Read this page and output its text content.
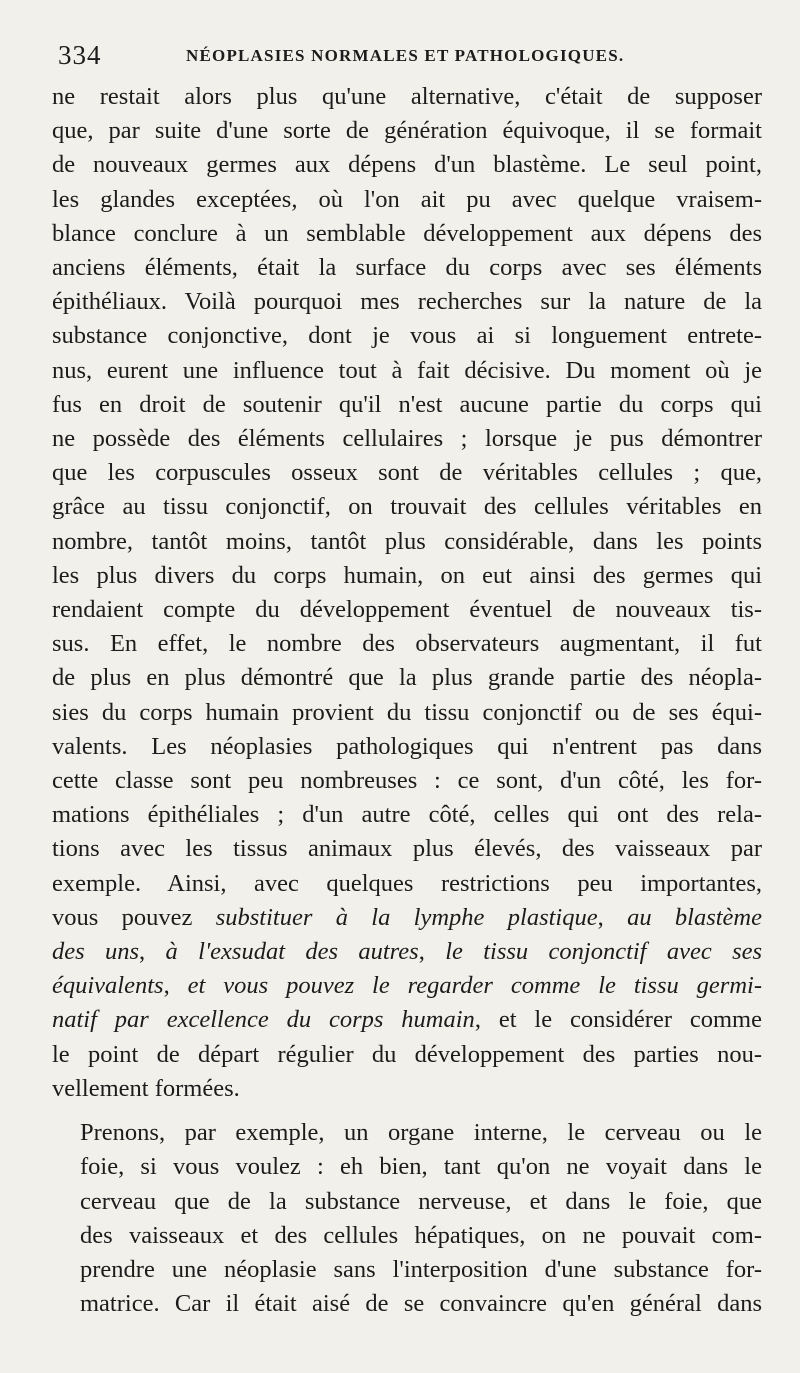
334	NÉOPLASIES NORMALES ET PATHOLOGIQUES.

ne restait alors plus qu'une alternative, c'était de supposer
que, par suite d'une sorte de génération équivoque, il se formait
de nouveaux germes aux dépens d'un blastème. Le seul point,
les glandes exceptées, où l'on ait pu avec quelque vraisem-
blance conclure à un semblable développement aux dépens des
anciens éléments, était la surface du corps avec ses éléments
épithéliaux. Voilà pourquoi mes recherches sur la nature de la
substance conjonctive, dont je vous ai si longuement entrete-
nus, eurent une influence tout à fait décisive. Du moment où je
fus en droit de soutenir qu'il n'est aucune partie du corps qui
ne possède des éléments cellulaires ; lorsque je pus démontrer
que les corpuscules osseux sont de véritables cellules ; que,
grâce au tissu conjonctif, on trouvait des cellules véritables en
nombre, tantôt moins, tantôt plus considérable, dans les points
les plus divers du corps humain, on eut ainsi des germes qui
rendaient compte du développement éventuel de nouveaux tis-
sus. En effet, le nombre des observateurs augmentant, il fut
de plus en plus démontré que la plus grande partie des néopla-
sies du corps humain provient du tissu conjonctif ou de ses équi-
valents. Les néoplasies pathologiques qui n'entrent pas dans
cette classe sont peu nombreuses : ce sont, d'un côté, les for-
mations épithéliales ; d'un autre côté, celles qui ont des rela-
tions avec les tissus animaux plus élevés, des vaisseaux par
exemple. Ainsi, avec quelques restrictions peu importantes,
vous pouvez substituer à la lymphe plastique, au blastème
des uns, à l'exsudat des autres, le tissu conjonctif avec ses
équivalents, et vous pouvez le regarder comme le tissu germi-
natif par excellence du corps humain, et le considérer comme
le point de départ régulier du développement des parties nou-
vellement formées.

Prenons, par exemple, un organe interne, le cerveau ou le
foie, si vous voulez : eh bien, tant qu'on ne voyait dans le
cerveau que de la substance nerveuse, et dans le foie, que
des vaisseaux et des cellules hépatiques, on ne pouvait com-
prendre une néoplasie sans l'interposition d'une substance for-
matrice. Car il était aisé de se convaincre qu'en général dans
